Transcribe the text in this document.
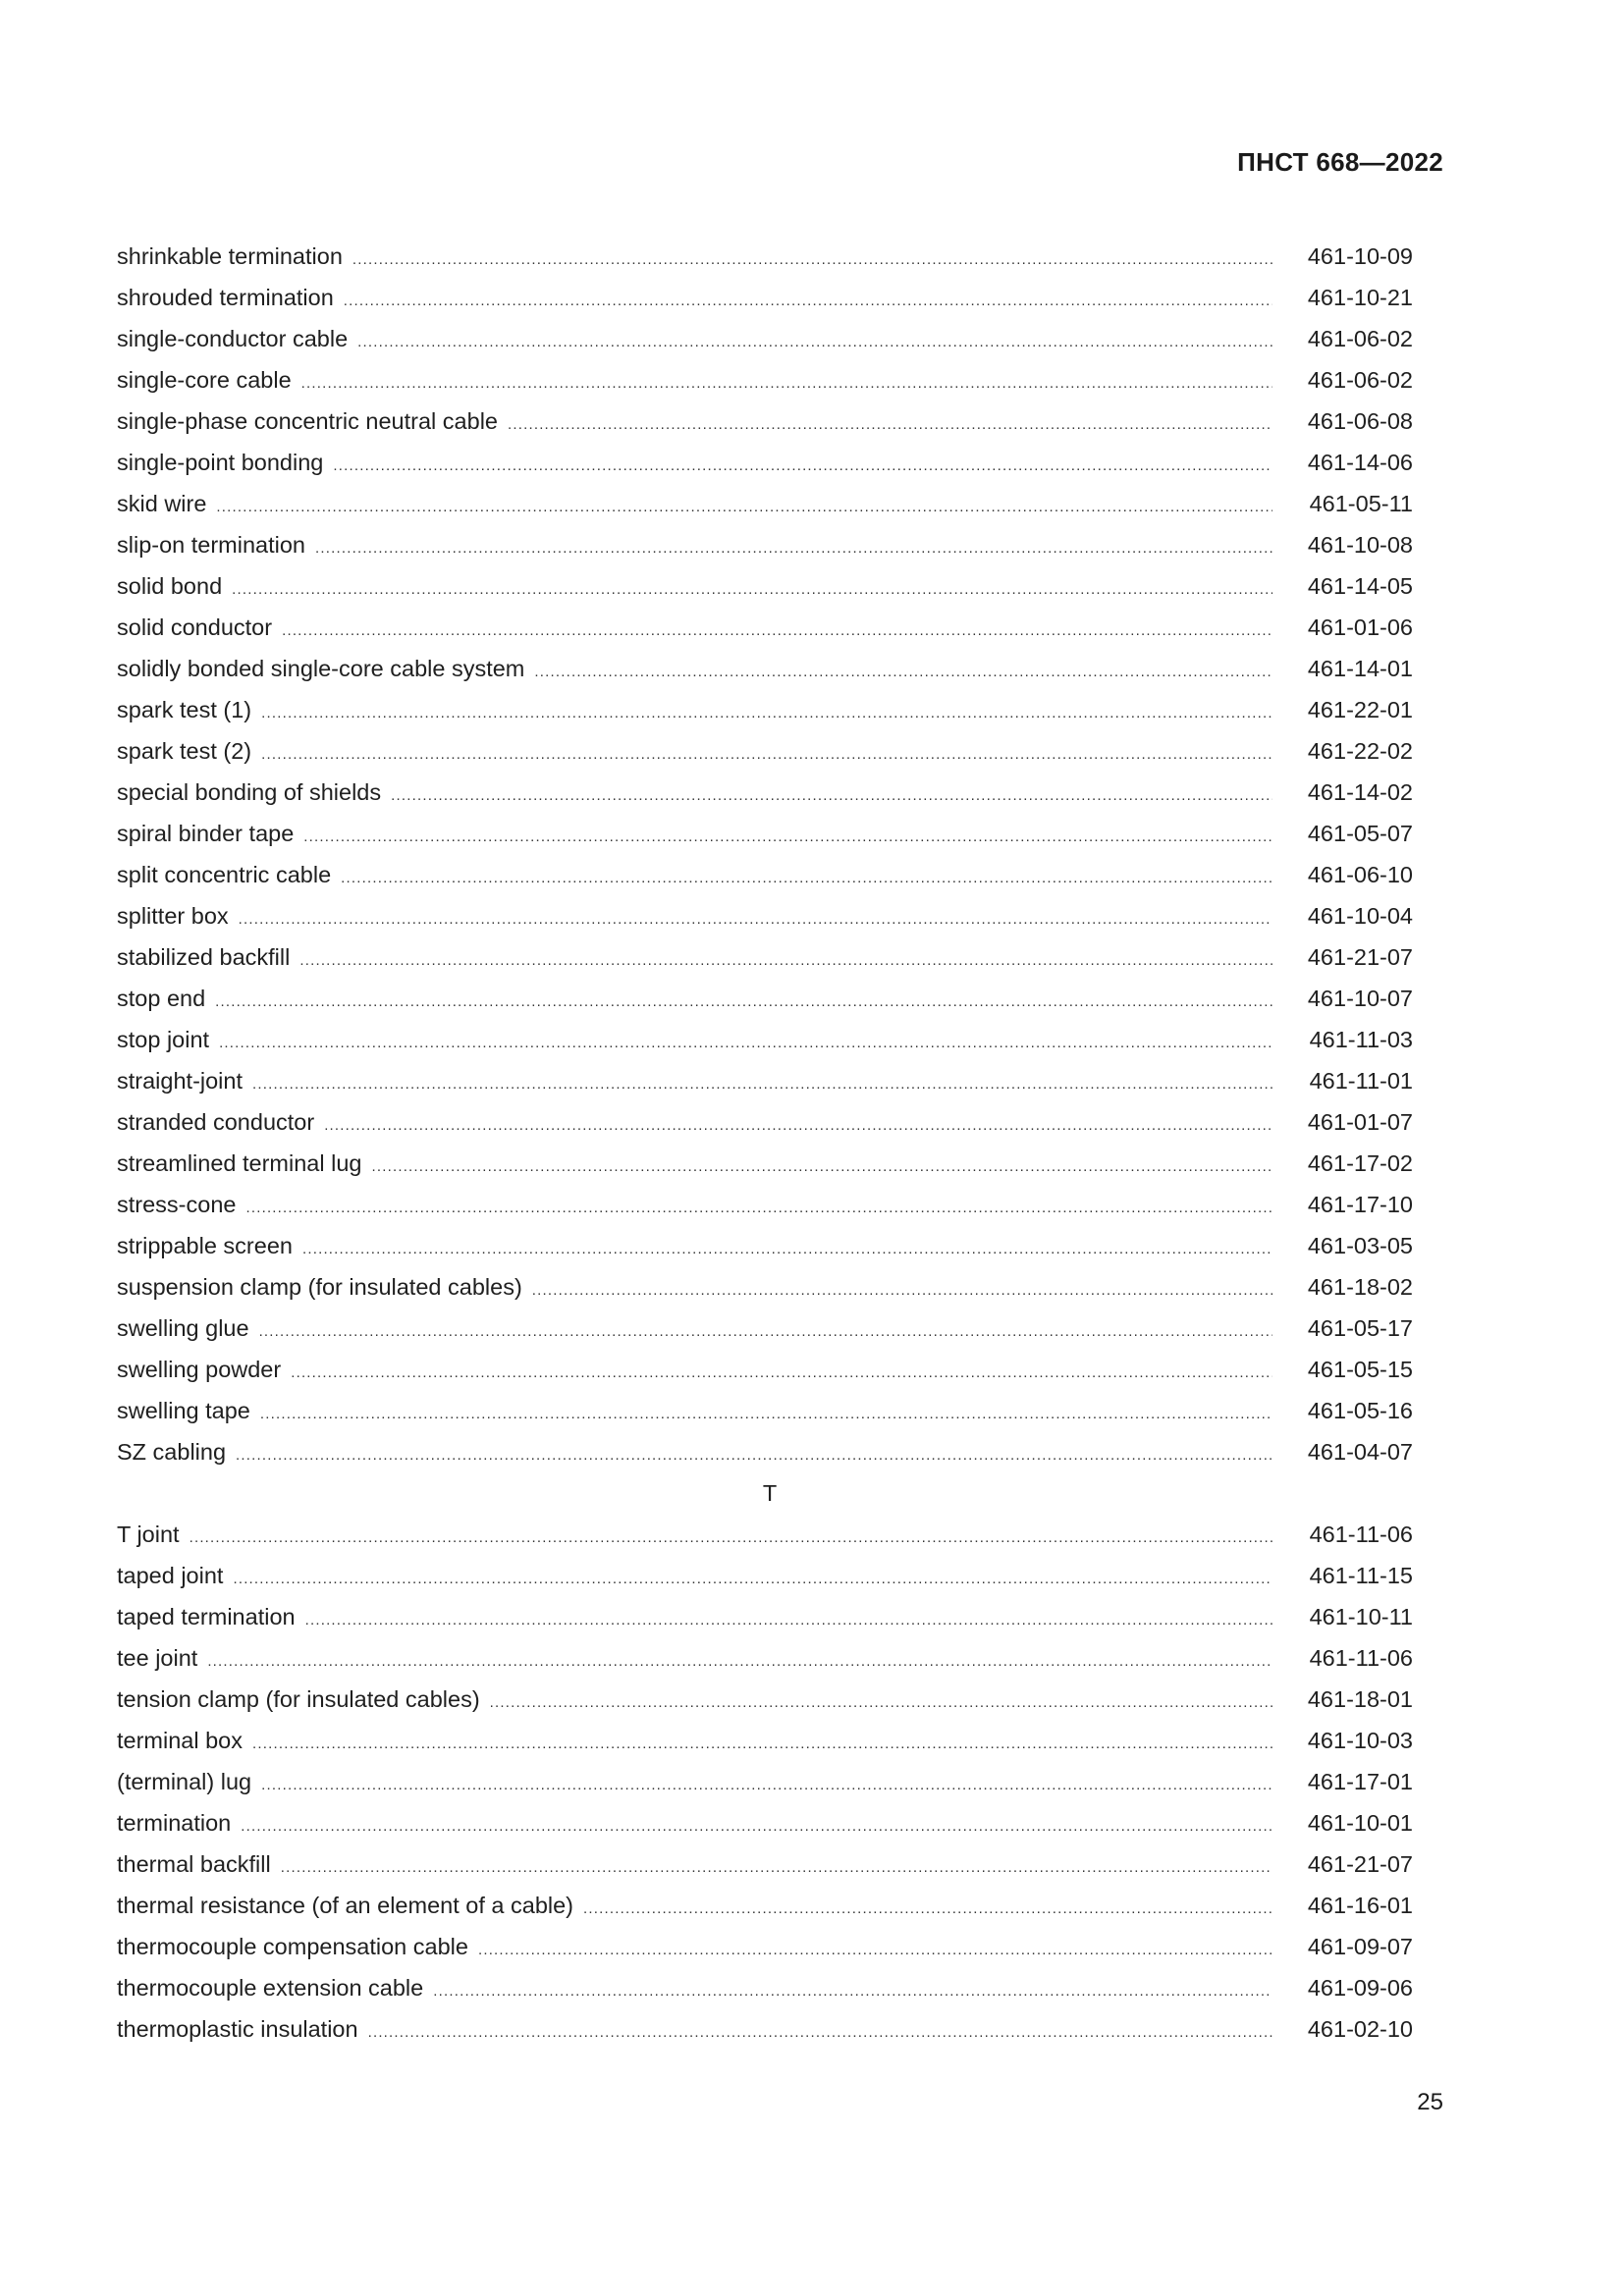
ПНСТ 668—2022
shrinkable termination .....	461-10-09
shrouded termination .....	461-10-21
single-conductor cable .....	461-06-02
single-core cable .....	461-06-02
single-phase concentric neutral cable .....	461-06-08
single-point bonding .....	461-14-06
skid wire .....	461-05-11
slip-on termination .....	461-10-08
solid bond .....	461-14-05
solid conductor .....	461-01-06
solidly bonded single-core cable system .....	461-14-01
spark test (1) .....	461-22-01
spark test (2) .....	461-22-02
special bonding of shields .....	461-14-02
spiral binder tape .....	461-05-07
split concentric cable .....	461-06-10
splitter box .....	461-10-04
stabilized backfill .....	461-21-07
stop end .....	461-10-07
stop joint .....	461-11-03
straight-joint .....	461-11-01
stranded conductor .....	461-01-07
streamlined terminal lug .....	461-17-02
stress-cone .....	461-17-10
strippable screen .....	461-03-05
suspension clamp (for insulated cables) .....	461-18-02
swelling glue .....	461-05-17
swelling powder .....	461-05-15
swelling tape .....	461-05-16
SZ cabling .....	461-04-07
T
T joint .....	461-11-06
taped joint .....	461-11-15
taped termination .....	461-10-11
tee joint .....	461-11-06
tension clamp (for insulated cables) .....	461-18-01
terminal box .....	461-10-03
(terminal) lug .....	461-17-01
termination .....	461-10-01
thermal backfill .....	461-21-07
thermal resistance (of an element of a cable) .....	461-16-01
thermocouple compensation cable .....	461-09-07
thermocouple extension cable .....	461-09-06
thermoplastic insulation .....	461-02-10
25
